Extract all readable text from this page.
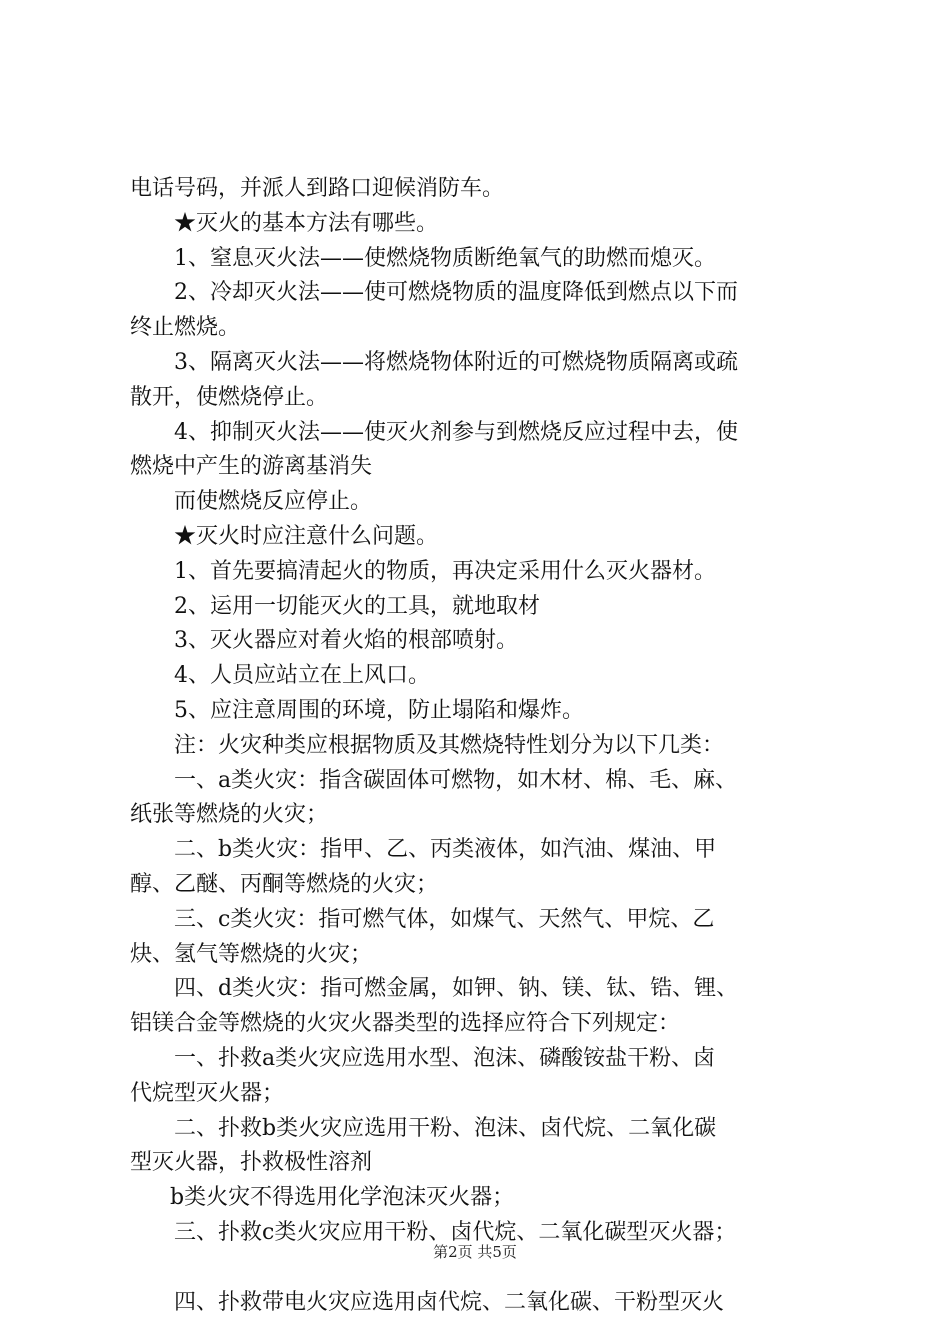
电话号码，并派人到路口迎候消防车。
★灭火的基本方法有哪些。
1、窒息灭火法——使燃烧物质断绝氧气的助燃而熄灭。
2、冷却灭火法——使可燃烧物质的温度降低到燃点以下而
终止燃烧。
3、隔离灭火法——将燃烧物体附近的可燃烧物质隔离或疏
散开，使燃烧停止。
4、抑制灭火法——使灭火剂参与到燃烧反应过程中去，使
燃烧中产生的游离基消失
而使燃烧反应停止。
★灭火时应注意什么问题。
1、首先要搞清起火的物质，再决定采用什么灭火器材。
2、运用一切能灭火的工具，就地取材
3、灭火器应对着火焰的根部喷射。
4、人员应站立在上风口。
5、应注意周围的环境，防止塌陷和爆炸。
注：火灾种类应根据物质及其燃烧特性划分为以下几类：
一、a类火灾：指含碳固体可燃物，如木材、棉、毛、麻、
纸张等燃烧的火灾；
二、b类火灾：指甲、乙、丙类液体，如汽油、煤油、甲
醇、乙醚、丙酮等燃烧的火灾；
三、c类火灾：指可燃气体，如煤气、天然气、甲烷、乙
炔、氢气等燃烧的火灾；
四、d类火灾：指可燃金属，如钾、钠、镁、钛、锆、锂、
铝镁合金等燃烧的火灾火器类型的选择应符合下列规定：
一、扑救a类火灾应选用水型、泡沫、磷酸铵盐干粉、卤
代烷型灭火器；
二、扑救b类火灾应选用干粉、泡沫、卤代烷、二氧化碳
型灭火器，扑救极性溶剂
b类火灾不得选用化学泡沫灭火器；
三、扑救c类火灾应用干粉、卤代烷、二氧化碳型灭火器；
四、扑救带电火灾应选用卤代烷、二氧化碳、干粉型灭火
第2页 共5页
